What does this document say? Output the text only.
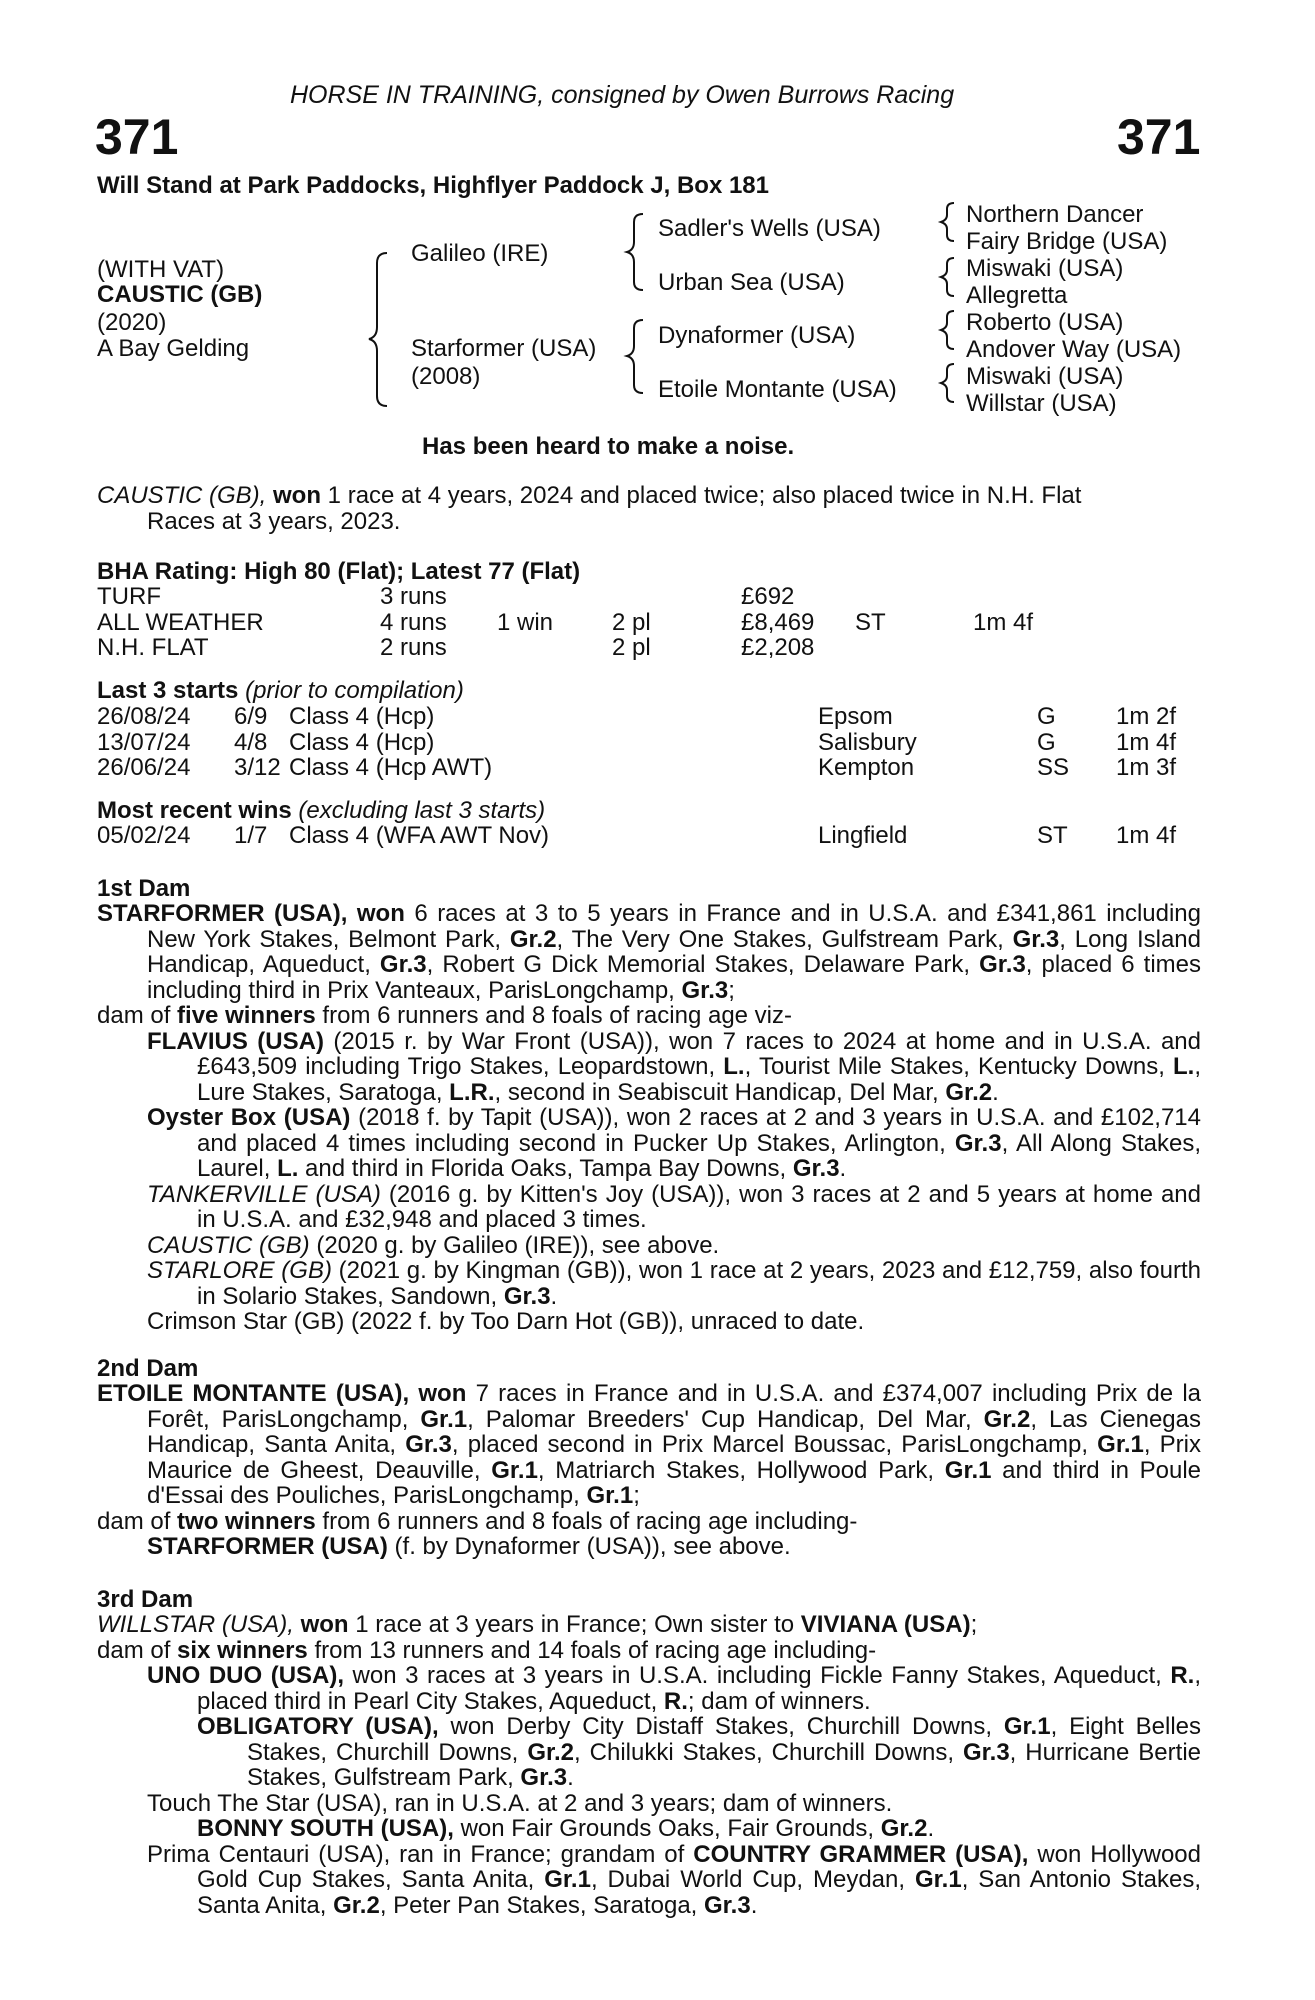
HORSE IN TRAINING, consigned by Owen Burrows Racing
371	371
Will Stand at Park Paddocks, Highflyer Paddock J, Box 181
(WITH VAT)
CAUSTIC (GB)
(2020)
A Bay Gelding
Galileo (IRE)
Starformer (USA)
(2008)
Sadler's Wells (USA)
Urban Sea (USA)
Dynaformer (USA)
Etoile Montante (USA)
Northern Dancer
Fairy Bridge (USA)
Miswaki (USA)
Allegretta
Roberto (USA)
Andover Way (USA)
Miswaki (USA)
Willstar (USA)
Has been heard to make a noise.

CAUSTIC (GB), won 1 race at 4 years, 2024 and placed twice; also placed twice in N.H. Flat

Races at 3 years, 2023.

BHA Rating: High 80 (Flat); Latest 77 (Flat)
TURF	3 runs	£692
ALL WEATHER	4 runs 1 win 2 pl	£8,469 ST	1m 4f
N.H. FLAT	2 runs	2 pl	£2,208
Last 3 starts (prior to compilation)
26/08/24 6/9 Class 4 (Hcp)	Epsom	G	1m 2f
13/07/24 4/8 Class 4 (Hcp)	Salisbury	G	1m 4f
26/06/24 3/12 Class 4 (Hcp AWT)	Kempton	SS 1m 3f
Most recent wins (excluding last 3 starts)
05/02/24 1/7 Class 4 (WFA AWT Nov)	Lingfield	ST 1m 4f
1st Dam

STARFORMER (USA), won 6 races at 3 to 5 years in France and in U.S.A. and £341,861 including New York Stakes, Belmont Park, Gr.2, The Very One Stakes, Gulfstream Park, Gr.3, Long Island Handicap, Aqueduct, Gr.3, Robert G Dick Memorial Stakes, Delaware Park, Gr.3, placed 6 times including third in Prix Vanteaux, ParisLongchamp, Gr.3;

dam of five winners from 6 runners and 8 foals of racing age viz-

FLAVIUS (USA) (2015 r. by War Front (USA)), won 7 races to 2024 at home and in U.S.A. and £643,509 including Trigo Stakes, Leopardstown, L., Tourist Mile Stakes, Kentucky Downs, L., Lure Stakes, Saratoga, L.R., second in Seabiscuit Handicap, Del Mar, Gr.2.

Oyster Box (USA) (2018 f. by Tapit (USA)), won 2 races at 2 and 3 years in U.S.A. and £102,714 and placed 4 times including second in Pucker Up Stakes, Arlington, Gr.3, All Along Stakes, Laurel, L. and third in Florida Oaks, Tampa Bay Downs, Gr.3.

TANKERVILLE (USA) (2016 g. by Kitten's Joy (USA)), won 3 races at 2 and 5 years at home and in U.S.A. and £32,948 and placed 3 times.

CAUSTIC (GB) (2020 g. by Galileo (IRE)), see above.

STARLORE (GB) (2021 g. by Kingman (GB)), won 1 race at 2 years, 2023 and £12,759, also fourth in Solario Stakes, Sandown, Gr.3.

Crimson Star (GB) (2022 f. by Too Darn Hot (GB)), unraced to date.

2nd Dam

ETOILE MONTANTE (USA), won 7 races in France and in U.S.A. and £374,007 including Prix de la Forêt, ParisLongchamp, Gr.1, Palomar Breeders' Cup Handicap, Del Mar, Gr.2, Las Cienegas Handicap, Santa Anita, Gr.3, placed second in Prix Marcel Boussac, ParisLongchamp, Gr.1, Prix Maurice de Gheest, Deauville, Gr.1, Matriarch Stakes, Hollywood Park, Gr.1 and third in Poule d'Essai des Pouliches, ParisLongchamp, Gr.1;

dam of two winners from 6 runners and 8 foals of racing age including-

STARFORMER (USA) (f. by Dynaformer (USA)), see above.

3rd Dam

WILLSTAR (USA), won 1 race at 3 years in France; Own sister to VIVIANA (USA);

dam of six winners from 13 runners and 14 foals of racing age including-

UNO DUO (USA), won 3 races at 3 years in U.S.A. including Fickle Fanny Stakes, Aqueduct, R., placed third in Pearl City Stakes, Aqueduct, R.; dam of winners.

OBLIGATORY (USA), won Derby City Distaff Stakes, Churchill Downs, Gr.1, Eight Belles Stakes, Churchill Downs, Gr.2, Chilukki Stakes, Churchill Downs, Gr.3, Hurricane Bertie Stakes, Gulfstream Park, Gr.3.

Touch The Star (USA), ran in U.S.A. at 2 and 3 years; dam of winners.

BONNY SOUTH (USA), won Fair Grounds Oaks, Fair Grounds, Gr.2.

Prima Centauri (USA), ran in France; grandam of COUNTRY GRAMMER (USA), won Hollywood Gold Cup Stakes, Santa Anita, Gr.1, Dubai World Cup, Meydan, Gr.1, San Antonio Stakes, Santa Anita, Gr.2, Peter Pan Stakes, Saratoga, Gr.3.
